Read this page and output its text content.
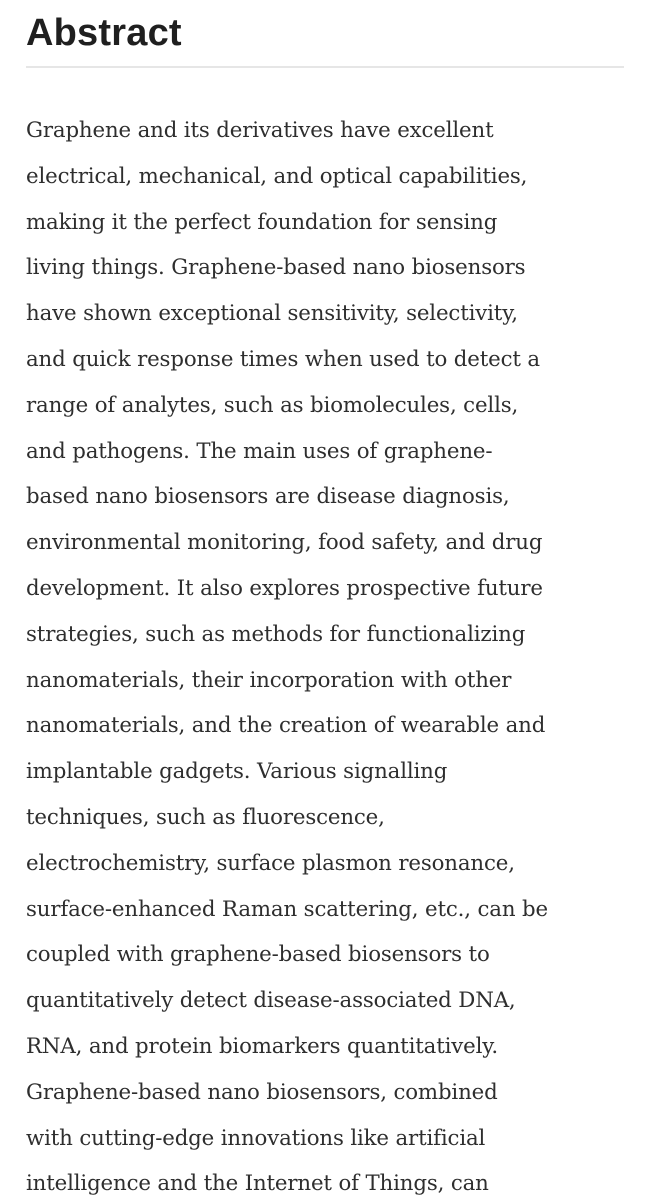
Abstract

Graphene and its derivatives have excellent
electrical, mechanical, and optical capabilities,
making it the perfect foundation for sensing
living things. Graphene-based nano biosensors
have shown exceptional sensitivity, selectivity,
and quick response times when used to detect a
range of analytes, such as biomolecules, cells,
and pathogens. The main uses of graphene-
based nano biosensors are disease diagnosis,
environmental monitoring, food safety, and drug
development. It also explores prospective future
strategies, such as methods for functionalizing
nanomaterials, their incorporation with other
nanomaterials, and the creation of wearable and
implantable gadgets. Various signalling
techniques, such as fluorescence,
electrochemistry, surface plasmon resonance,
surface-enhanced Raman scattering, etc., can be
coupled with graphene-based biosensors to
quantitatively detect disease-associated DNA,
RNA, and protein biomarkers quantitatively.
Graphene-based nano biosensors, combined
with cutting-edge innovations like artificial
intelligence and the Internet of Things, can
